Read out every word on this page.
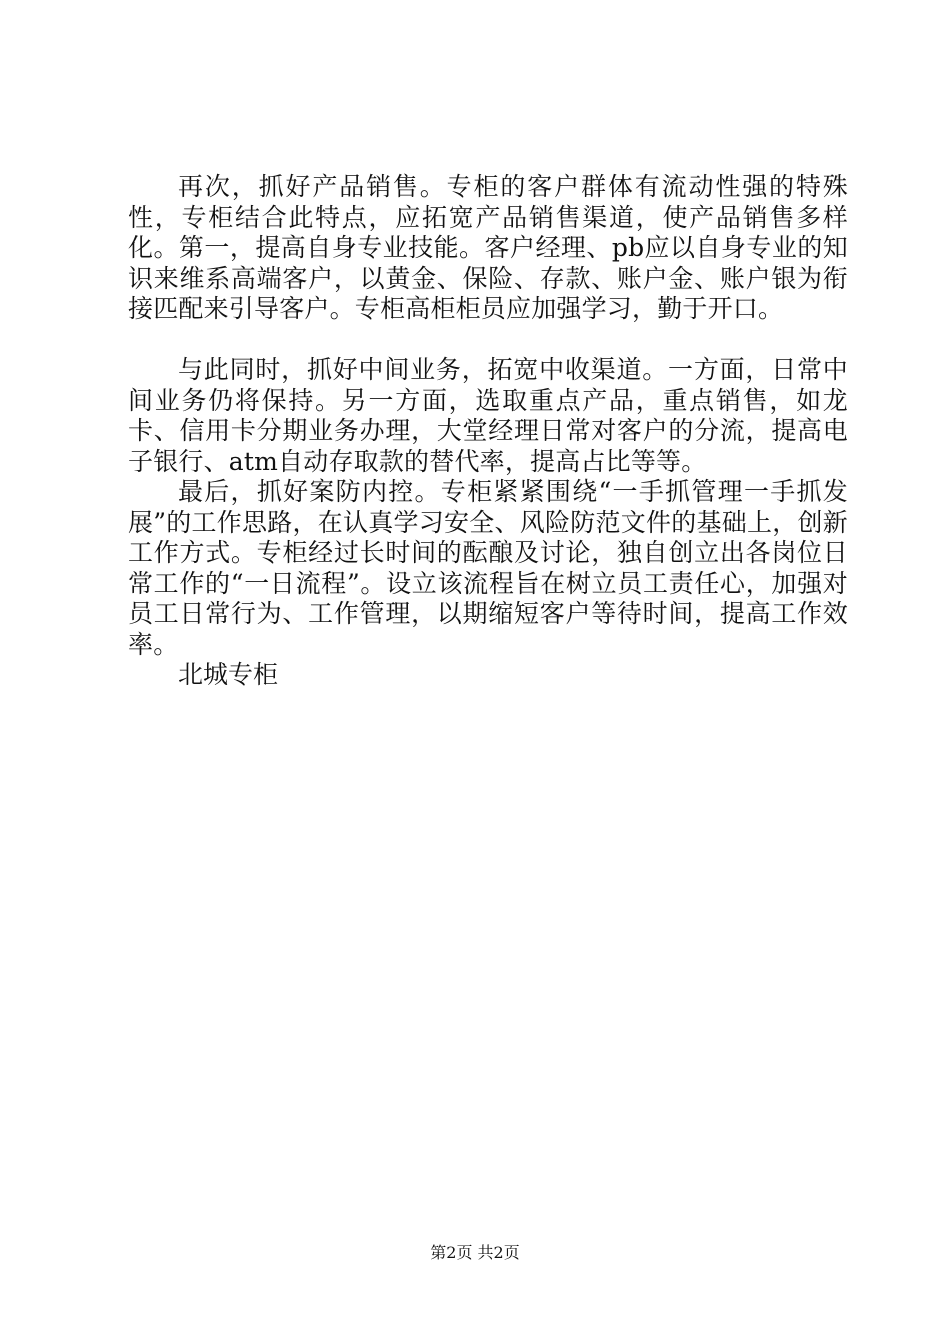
再次，抓好产品销售。专柜的客户群体有流动性强的特殊性，专柜结合此特点，应拓宽产品销售渠道，使产品销售多样化。第一，提高自身专业技能。客户经理、pb应以自身专业的知识来维系高端客户，以黄金、保险、存款、账户金、账户银为衔接匹配来引导客户。专柜高柜柜员应加强学习，勤于开口。

与此同时，抓好中间业务，拓宽中收渠道。一方面，日常中间业务仍将保持。另一方面，选取重点产品，重点销售，如龙卡、信用卡分期业务办理，大堂经理日常对客户的分流，提高电子银行、atm自动存取款的替代率，提高占比等等。

最后，抓好案防内控。专柜紧紧围绕“一手抓管理一手抓发展”的工作思路，在认真学习安全、风险防范文件的基础上，创新工作方式。专柜经过长时间的酝酿及讨论，独自创立出各岗位日常工作的“一日流程”。设立该流程旨在树立员工责任心，加强对员工日常行为、工作管理，以期缩短客户等待时间，提高工作效率。

北城专柜

第2页 共2页
